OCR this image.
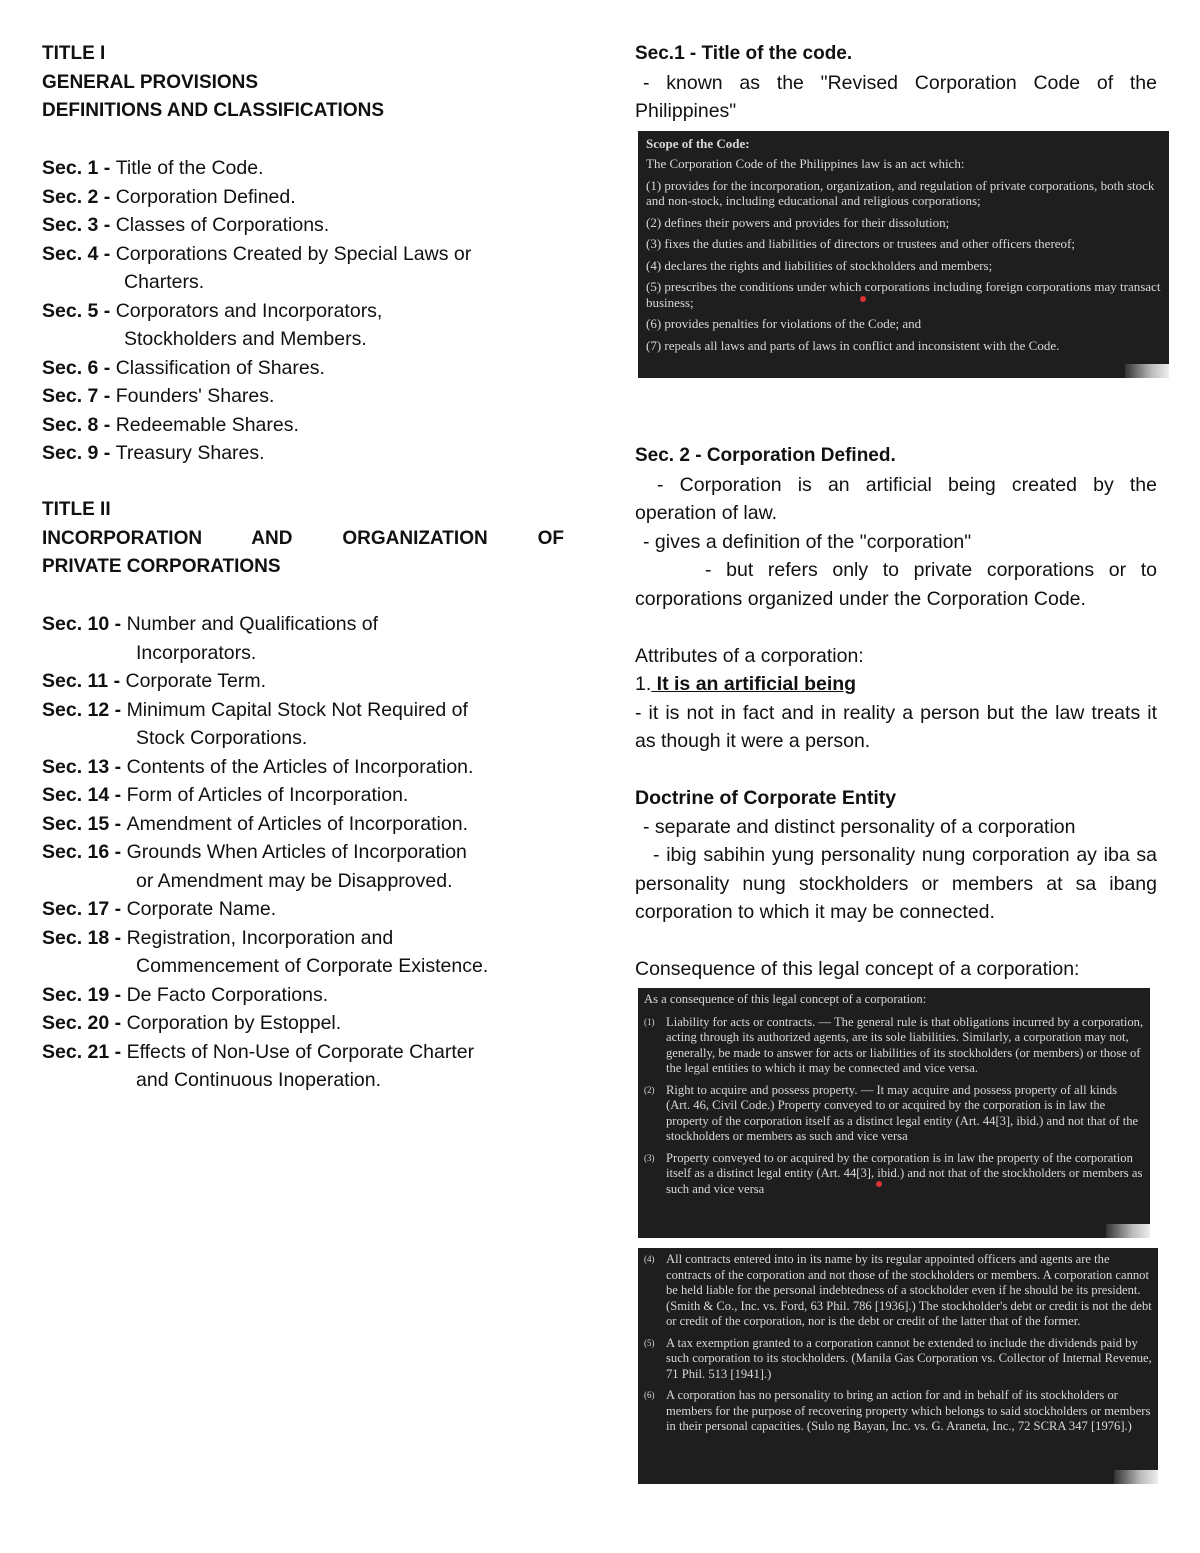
TITLE I
GENERAL PROVISIONS
DEFINITIONS AND CLASSIFICATIONS
Sec. 1 - Title of the Code.
Sec. 2 - Corporation Defined.
Sec. 3 - Classes of Corporations.
Sec. 4 - Corporations Created by Special Laws or
Charters.
Sec. 5 - Corporators and Incorporators,
Stockholders and Members.
Sec. 6 - Classification of Shares.
Sec. 7 - Founders' Shares.
Sec. 8 - Redeemable Shares.
Sec. 9 - Treasury Shares.
TITLE II
INCORPORATION AND ORGANIZATION OF
PRIVATE CORPORATIONS
Sec. 10 - Number and Qualifications of
Incorporators.
Sec. 11 - Corporate Term.
Sec. 12 - Minimum Capital Stock Not Required of
Stock Corporations.
Sec. 13 - Contents of the Articles of Incorporation.
Sec. 14 - Form of Articles of Incorporation.
Sec. 15 - Amendment of Articles of Incorporation.
Sec. 16 - Grounds When Articles of Incorporation
or Amendment may be Disapproved.
Sec. 17 - Corporate Name.
Sec. 18 - Registration, Incorporation and
Commencement of Corporate Existence.
Sec. 19 - De Facto Corporations.
Sec. 20 - Corporation by Estoppel.
Sec. 21 - Effects of Non-Use of Corporate Charter
and Continuous Inoperation.
Sec.1 - Title of the code.
- known as the "Revised Corporation Code of the Philippines"
Scope of the Code:
The Corporation Code of the Philippines law is an act which:
(1) provides for the incorporation, organization, and regulation of private corporations, both stock and non-stock, including educational and religious corporations;
(2) defines their powers and provides for their dissolution;
(3) fixes the duties and liabilities of directors or trustees and other officers thereof;
(4) declares the rights and liabilities of stockholders and members;
(5) prescribes the conditions under which corporations including foreign corporations may transact business;
(6) provides penalties for violations of the Code; and
(7) repeals all laws and parts of laws in conflict and inconsistent with the Code.
Sec. 2 - Corporation Defined.
- Corporation is an artificial being created by the operation of law.
- gives a definition of the "corporation"
- but refers only to private corporations or to corporations organized under the Corporation Code.
Attributes of a corporation:
1. It is an artificial being
- it is not in fact and in reality a person but the law treats it as though it were a person.
Doctrine of Corporate Entity
- separate and distinct personality of a corporation
- ibig sabihin yung personality nung corporation ay iba sa personality nung stockholders or members at sa ibang corporation to which it may be connected.
Consequence of this legal concept of a corporation:
As a consequence of this legal concept of a corporation:
(1) Liability for acts or contracts. — The general rule is that obligations incurred by a corporation, acting through its authorized agents, are its sole liabilities. Similarly, a corporation may not, generally, be made to answer for acts or liabilities of its stockholders (or members) or those of the legal entities to which it may be connected and vice versa.
(2) Right to acquire and possess property. — It may acquire and possess property of all kinds (Art. 46, Civil Code.) Property conveyed to or acquired by the corporation is in law the property of the corporation itself as a distinct legal entity (Art. 44[3], ibid.) and not that of the stockholders or members as such and vice versa
(3) Property conveyed to or acquired by the corporation is in law the property of the corporation itself as a distinct legal entity (Art. 44[3], ibid.) and not that of the stockholders or members as such and vice versa
(4) All contracts entered into in its name by its regular appointed officers and agents are the contracts of the corporation and not those of the stockholders or members. A corporation cannot be held liable for the personal indebtedness of a stockholder even if he should be its president. (Smith & Co., Inc. vs. Ford, 63 Phil. 786 [1936].) The stockholder's debt or credit is not the debt or credit of the corporation, nor is the debt or credit of the latter that of the former.
(5) A tax exemption granted to a corporation cannot be extended to include the dividends paid by such corporation to its stockholders. (Manila Gas Corporation vs. Collector of Internal Revenue, 71 Phil. 513 [1941].)
(6) A corporation has no personality to bring an action for and in behalf of its stockholders or members for the purpose of recovering property which belongs to said stockholders or members in their personal capacities. (Sulo ng Bayan, Inc. vs. G. Araneta, Inc., 72 SCRA 347 [1976].)
